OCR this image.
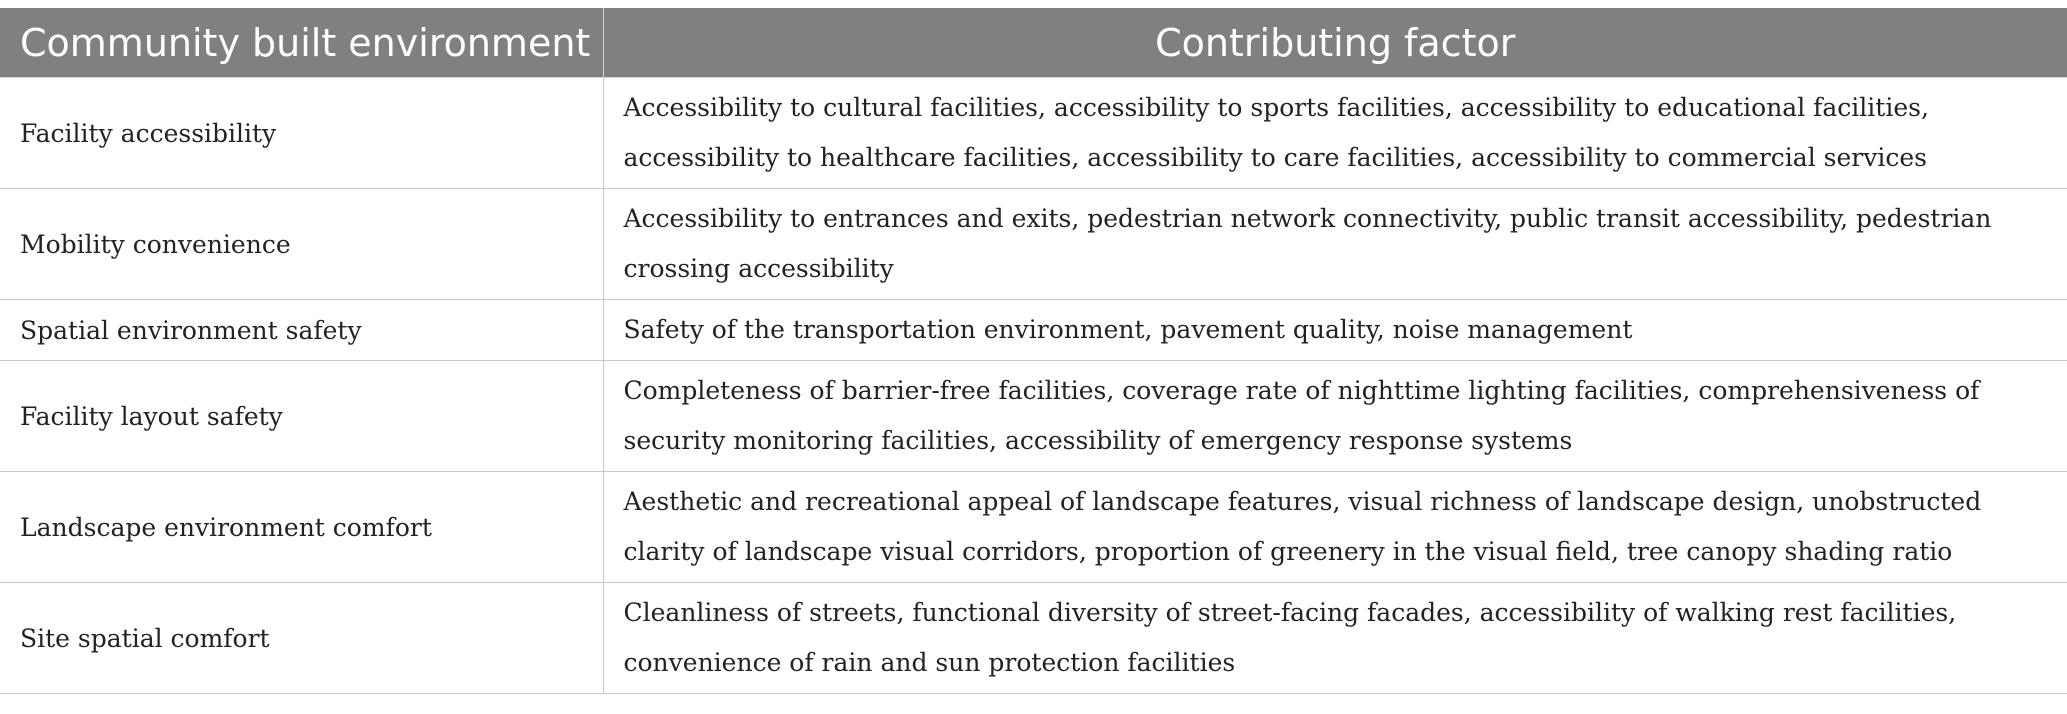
Community built environment	Contributing factor
Facility accessibility	Accessibility to cultural facilities, accessibility to sports facilities, accessibility to educational facilities, accessibility to healthcare facilities, accessibility to care facilities, accessibility to commercial services
Mobility convenience	Accessibility to entrances and exits, pedestrian network connectivity, public transit accessibility, pedestrian crossing accessibility
Spatial environment safety	Safety of the transportation environment, pavement quality, noise management
Facility layout safety	Completeness of barrier-free facilities, coverage rate of nighttime lighting facilities, comprehensiveness of security monitoring facilities, accessibility of emergency response systems
Landscape environment comfort	Aesthetic and recreational appeal of landscape features, visual richness of landscape design, unobstructed clarity of landscape visual corridors, proportion of greenery in the visual field, tree canopy shading ratio
Site spatial comfort	Cleanliness of streets, functional diversity of street-facing facades, accessibility of walking rest facilities, convenience of rain and sun protection facilities
